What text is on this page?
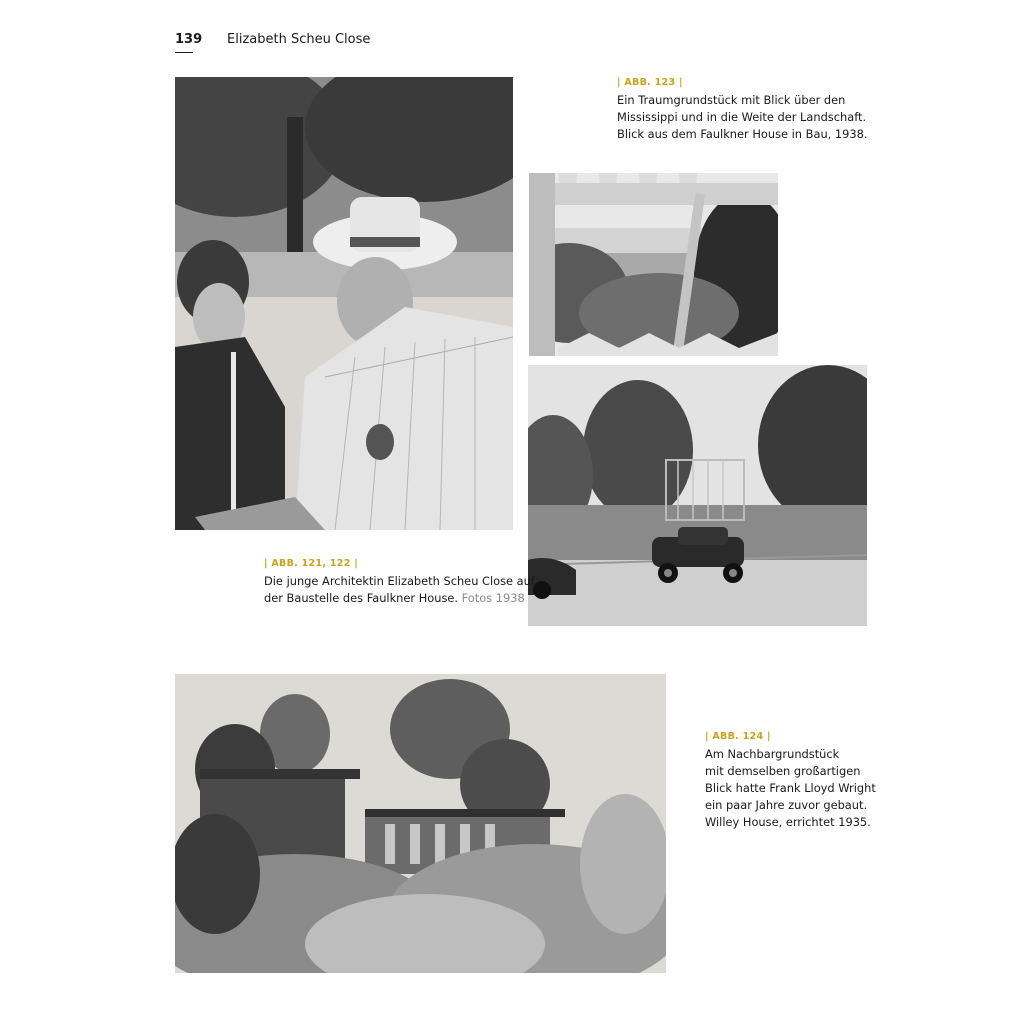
139 Elizabeth Scheu Close
| ABB. 123 |
Ein Traumgrundstück mit Blick über den
Mississippi und in die Weite der Landschaft.
Blick aus dem Faulkner House in Bau, 1938.
| ABB. 121, 122 |
Die junge Architektin Elizabeth Scheu Close auf
der Baustelle des Faulkner House. Fotos 1938
| ABB. 124 |
Am Nachbargrundstück
mit demselben großartigen
Blick hatte Frank Lloyd Wright
ein paar Jahre zuvor gebaut.
Willey House, errichtet 1935.
